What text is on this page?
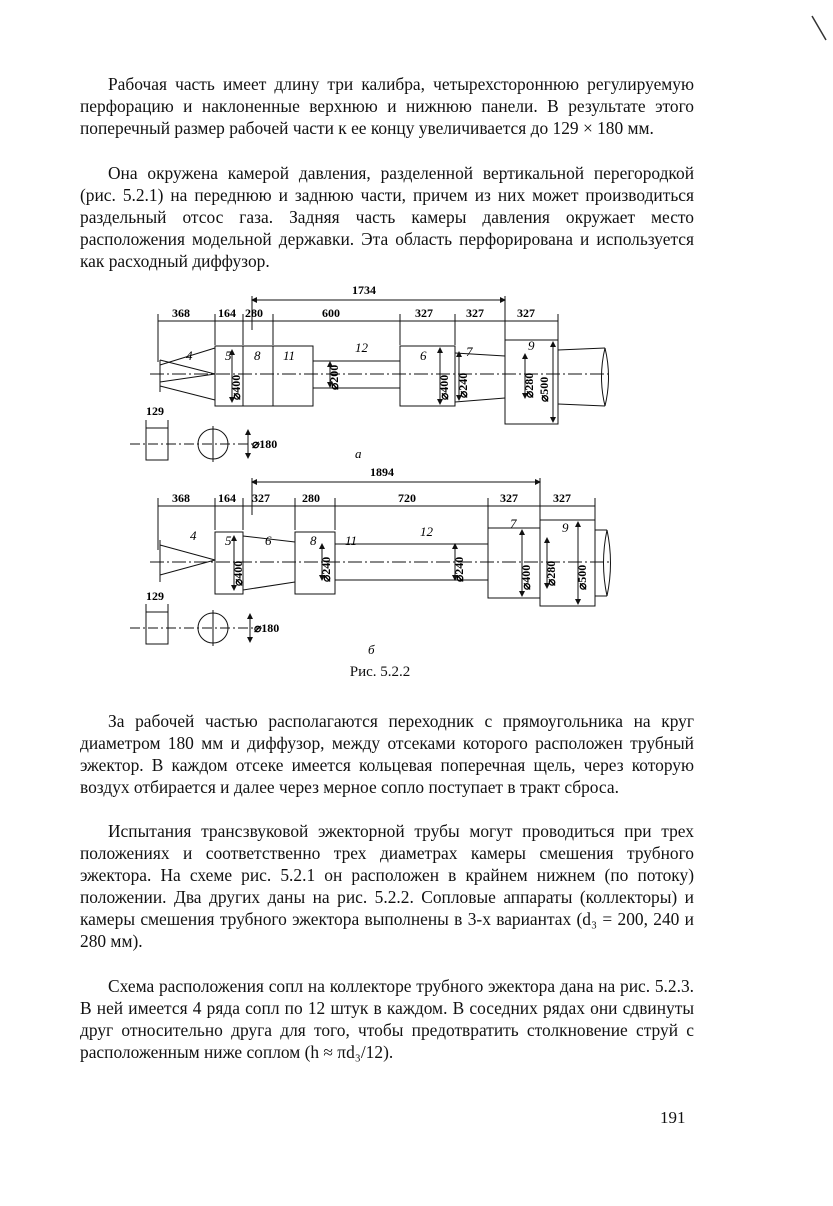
Рабочая часть имеет длину три калибра, четырехстороннюю регулируемую перфорацию и наклоненные верхнюю и нижнюю панели. В результате этого поперечный размер рабочей части к ее концу увеличивается до 129 × 180 мм.

Она окружена камерой давления, разделенной вертикальной перегородкой (рис. 5.2.1) на переднюю и заднюю части, причем из них может производиться раздельный отсос газа. Задняя часть камеры давления окружает место расположения модельной державки. Эта область перфорирована и используется как расходный диффузор.

1734
368 164 280	600	327	327	327
4	5 8 11
12
6	7	9
⌀400	⌀200	⌀400 ⌀240	⌀280 ⌀500
129
⌀180
а
1894
368 164 327	280	720	327	327
4 5	6	8 11
12
7	9
⌀400	⌀240	⌀240	⌀400 ⌀280 ⌀500
129
⌀180
б
Рис. 5.2.2

За рабочей частью располагаются переходник с прямоугольника на круг диаметром 180 мм и диффузор, между отсеками которого расположен трубный эжектор. В каждом отсеке имеется кольцевая поперечная щель, через которую воздух отбирается и далее через мерное сопло поступает в тракт сброса.

Испытания трансзвуковой эжекторной трубы могут проводиться при трех положениях и соответственно трех диаметрах камеры смешения трубного эжектора. На схеме рис. 5.2.1 он расположен в крайнем нижнем (по потоку) положении. Два других даны на рис. 5.2.2. Сопловые аппараты (коллекторы) и камеры смешения трубного эжектора выполнены в 3-х вариантах (d₃ = 200, 240 и 280 мм).

Схема расположения сопл на коллекторе трубного эжектора дана на рис. 5.2.3. В ней имеется 4 ряда сопл по 12 штук в каждом. В соседних рядах они сдвинуты друг относительно друга для того, чтобы предотвратить столкновение струй с расположенным ниже соплом (h ≈ πd₃/12).

191
